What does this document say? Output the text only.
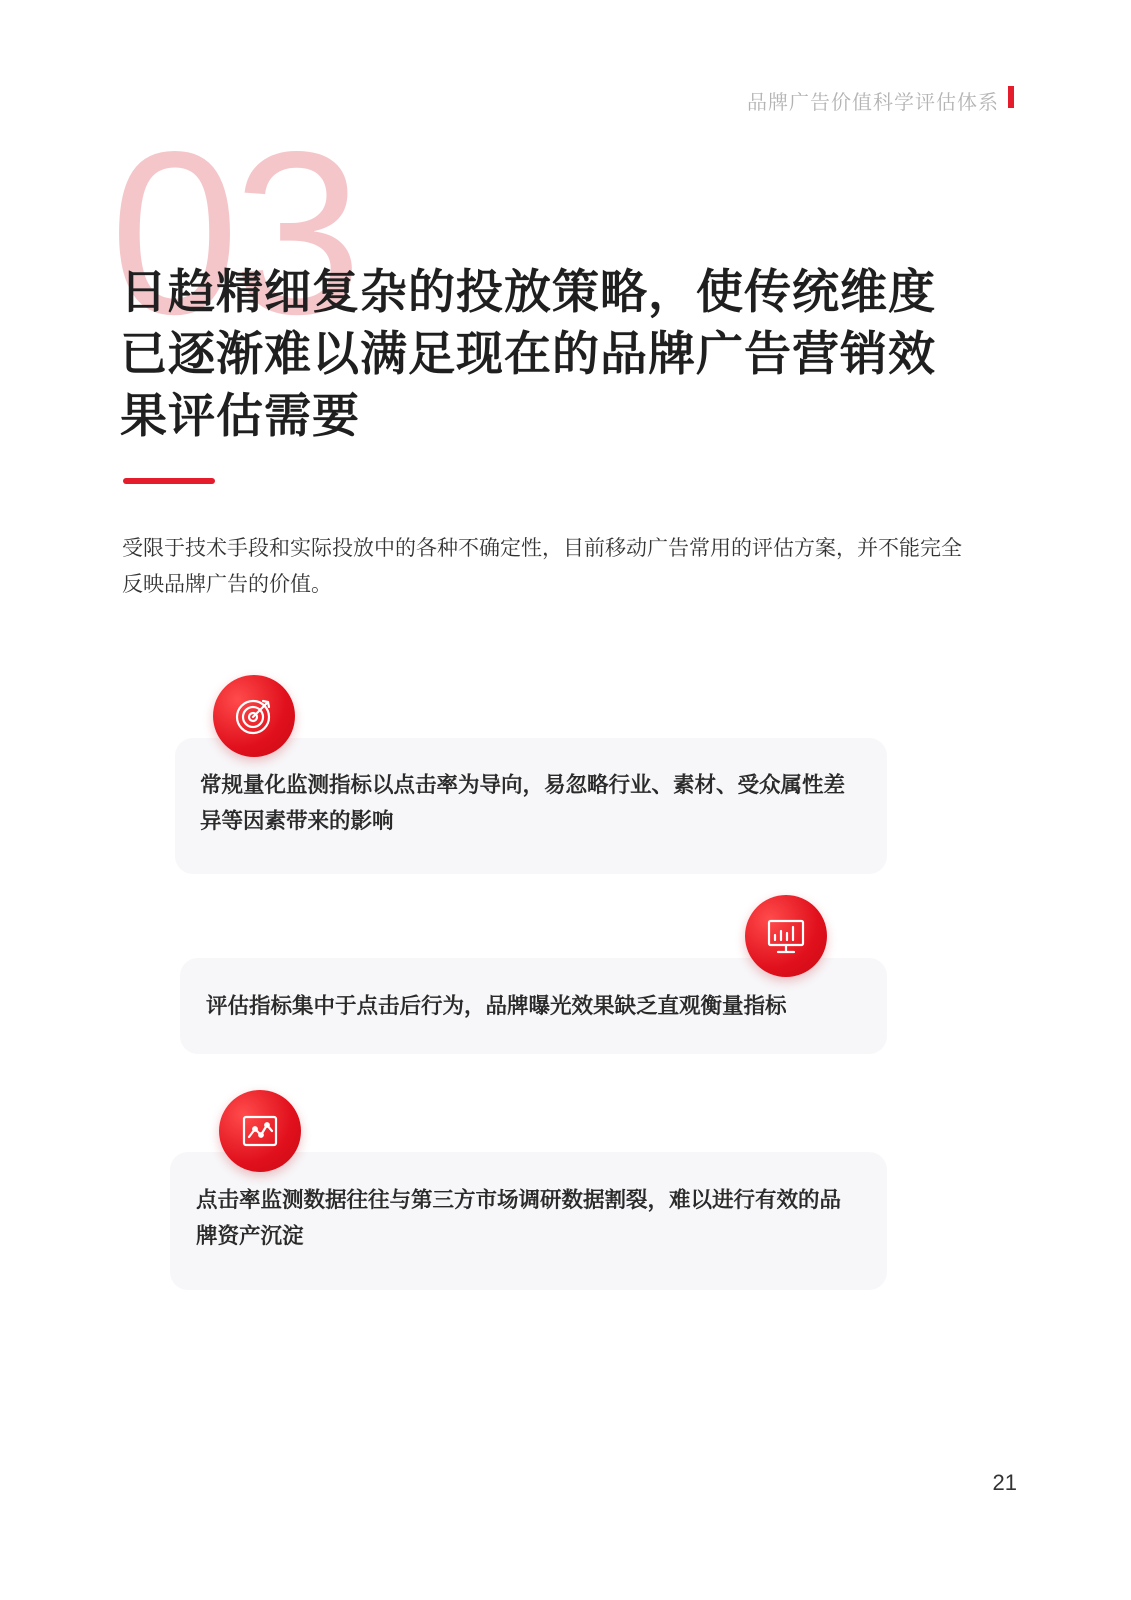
品牌广告价值科学评估体系
03
日趋精细复杂的投放策略，使传统维度已逐渐难以满足现在的品牌广告营销效果评估需要

受限于技术手段和实际投放中的各种不确定性，目前移动广告常用的评估方案，并不能完全反映品牌广告的价值。

常规量化监测指标以点击率为导向，易忽略行业、素材、受众属性差异等因素带来的影响
评估指标集中于点击后行为，品牌曝光效果缺乏直观衡量指标
点击率监测数据往往与第三方市场调研数据割裂，难以进行有效的品牌资产沉淀
21
